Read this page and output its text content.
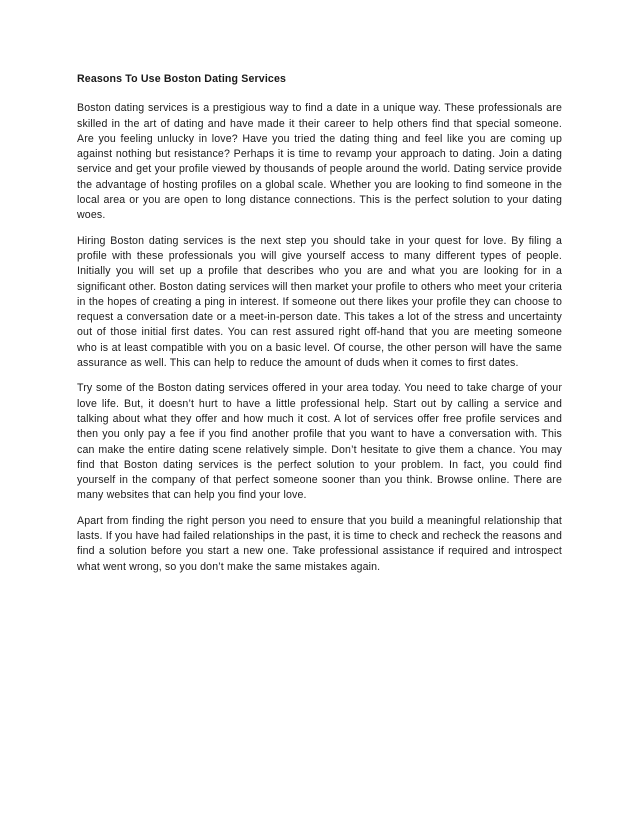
Reasons To Use Boston Dating Services

Boston dating services is a prestigious way to find a date in a unique way. These professionals are skilled in the art of dating and have made it their career to help others find that special someone. Are you feeling unlucky in love? Have you tried the dating thing and feel like you are coming up against nothing but resistance? Perhaps it is time to revamp your approach to dating. Join a dating service and get your profile viewed by thousands of people around the world. Dating service provide the advantage of hosting profiles on a global scale. Whether you are looking to find someone in the local area or you are open to long distance connections. This is the perfect solution to your dating woes.

Hiring Boston dating services is the next step you should take in your quest for love. By filing a profile with these professionals you will give yourself access to many different types of people. Initially you will set up a profile that describes who you are and what you are looking for in a significant other. Boston dating services will then market your profile to others who meet your criteria in the hopes of creating a ping in interest. If someone out there likes your profile they can choose to request a conversation date or a meet-in-person date. This takes a lot of the stress and uncertainty out of those initial first dates. You can rest assured right off-hand that you are meeting someone who is at least compatible with you on a basic level. Of course, the other person will have the same assurance as well. This can help to reduce the amount of duds when it comes to first dates.

Try some of the Boston dating services offered in your area today. You need to take charge of your love life. But, it doesn’t hurt to have a little professional help. Start out by calling a service and talking about what they offer and how much it cost. A lot of services offer free profile services and then you only pay a fee if you find another profile that you want to have a conversation with. This can make the entire dating scene relatively simple. Don’t hesitate to give them a chance. You may find that Boston dating services is the perfect solution to your problem. In fact, you could find yourself in the company of that perfect someone sooner than you think. Browse online. There are many websites that can help you find your love.

Apart from finding the right person you need to ensure that you build a meaningful relationship that lasts. If you have had failed relationships in the past, it is time to check and recheck the reasons and find a solution before you start a new one. Take professional assistance if required and introspect what went wrong, so you don’t make the same mistakes again.
